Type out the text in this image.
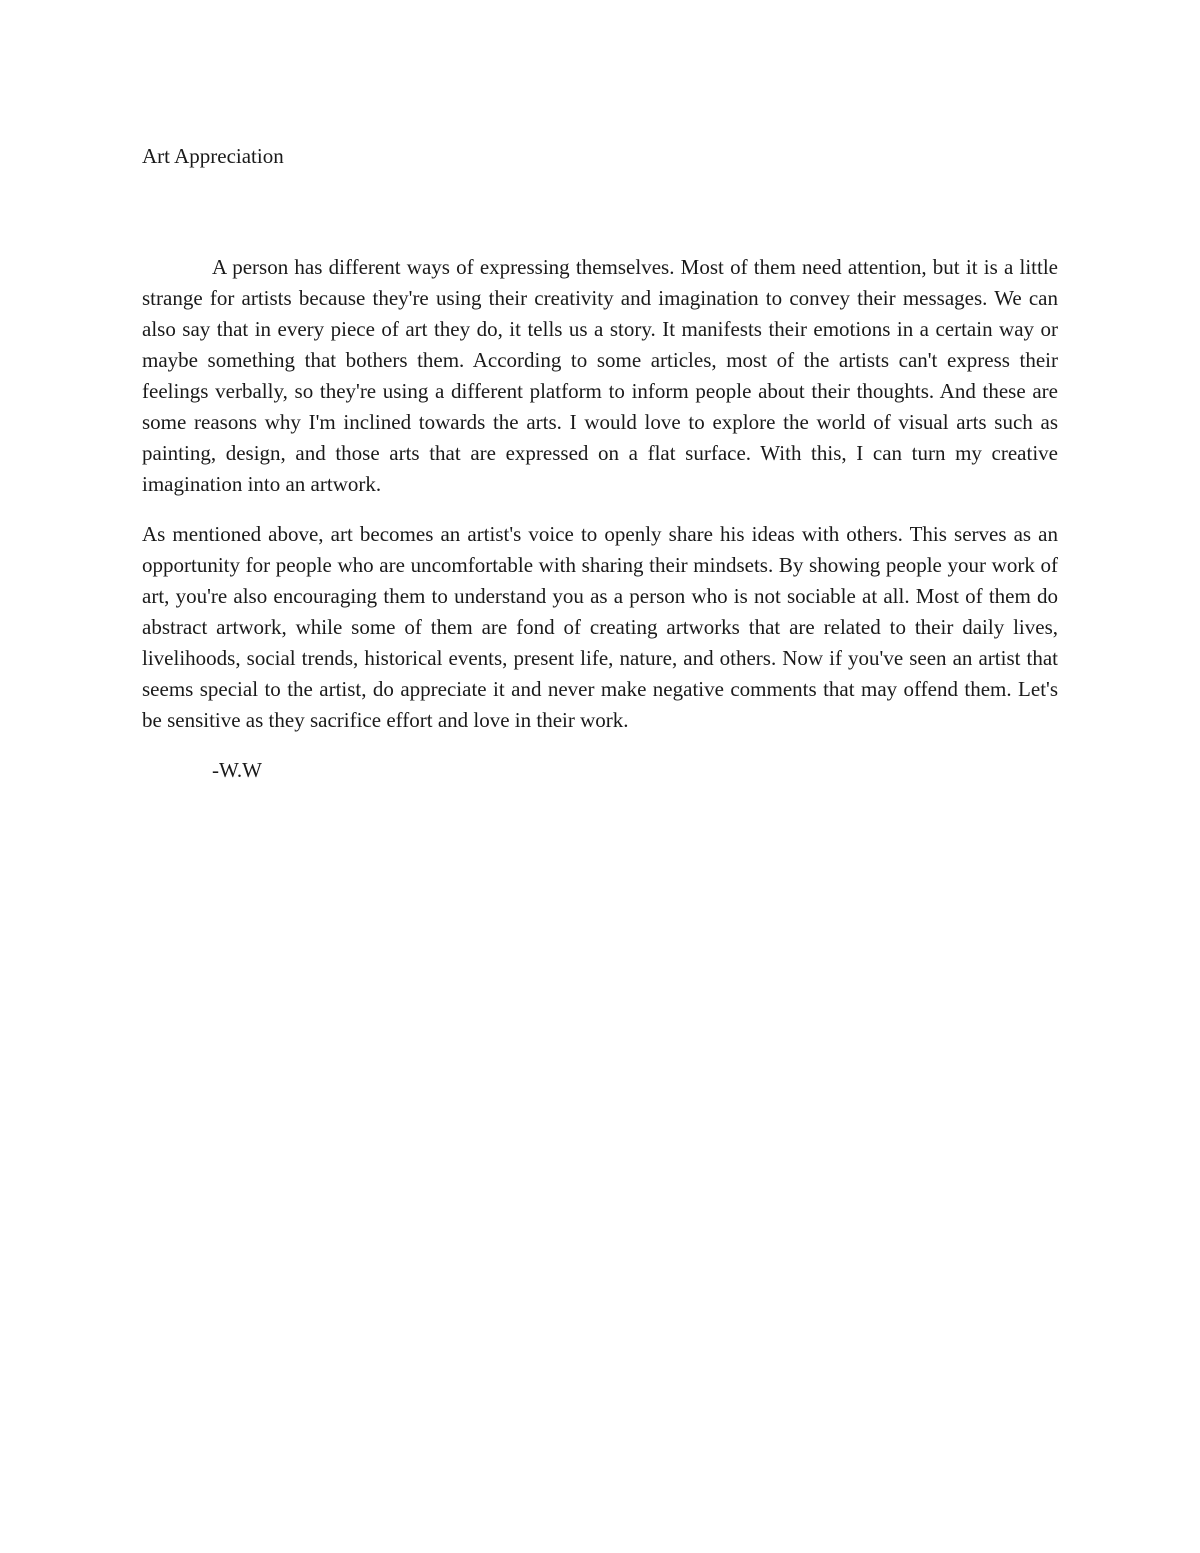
Art Appreciation

A person has different ways of expressing themselves. Most of them need attention, but it is a little strange for artists because they're using their creativity and imagination to convey their messages. We can also say that in every piece of art they do, it tells us a story. It manifests their emotions in a certain way or maybe something that bothers them. According to some articles, most of the artists can't express their feelings verbally, so they're using a different platform to inform people about their thoughts. And these are some reasons why I'm inclined towards the arts. I would love to explore the world of visual arts such as painting, design, and those arts that are expressed on a flat surface. With this, I can turn my creative imagination into an artwork.

As mentioned above, art becomes an artist's voice to openly share his ideas with others. This serves as an opportunity for people who are uncomfortable with sharing their mindsets. By showing people your work of art, you're also encouraging them to understand you as a person who is not sociable at all. Most of them do abstract artwork, while some of them are fond of creating artworks that are related to their daily lives, livelihoods, social trends, historical events, present life, nature, and others. Now if you've seen an artist that seems special to the artist, do appreciate it and never make negative comments that may offend them. Let's be sensitive as they sacrifice effort and love in their work.

-W.W
